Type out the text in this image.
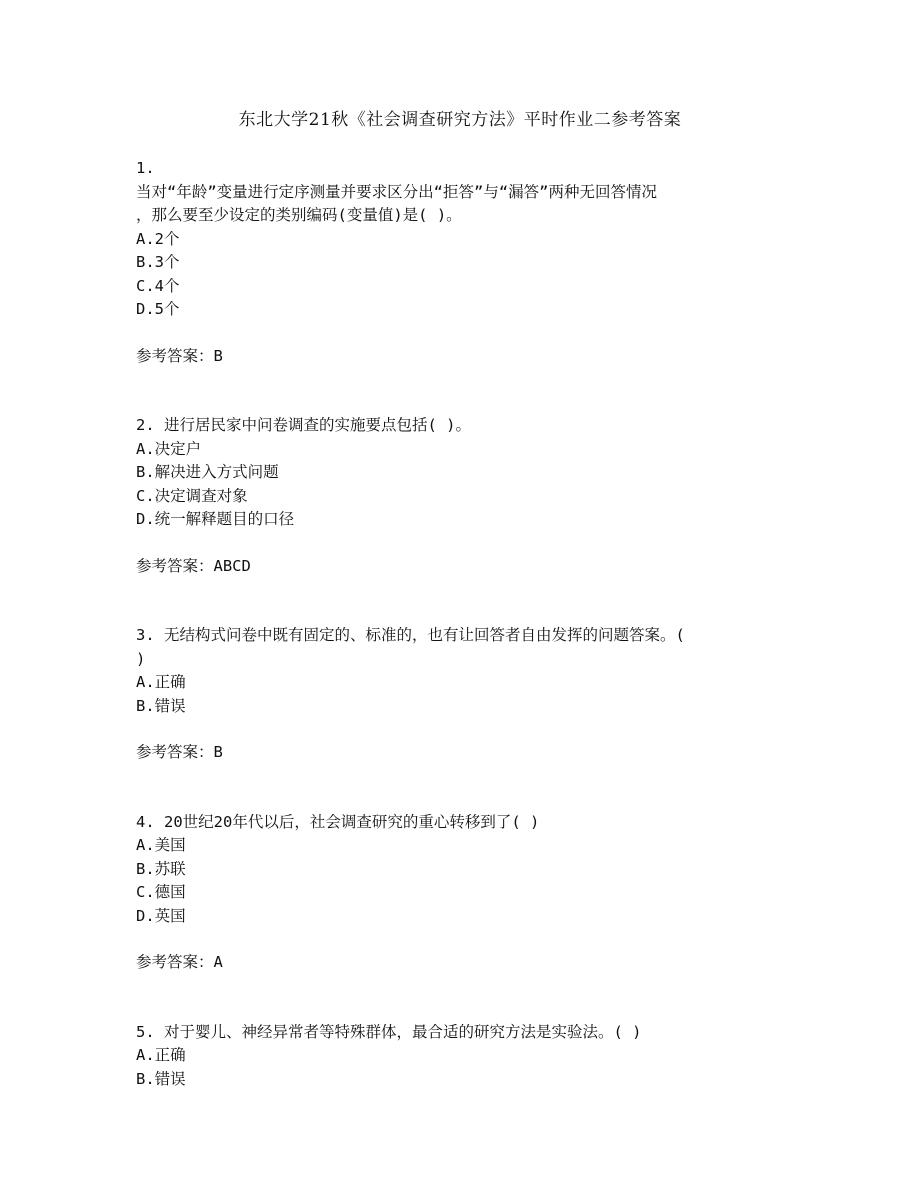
东北大学21秋《社会调查研究方法》平时作业二参考答案
1.
当对“年龄”变量进行定序测量并要求区分出“拒答”与“漏答”两种无回答情况
，那么要至少设定的类别编码(变量值)是( )。
A.2个
B.3个
C.4个
D.5个
参考答案：B
2. 进行居民家中问卷调查的实施要点包括( )。
A.决定户
B.解决进入方式问题
C.决定调查对象
D.统一解释题目的口径
参考答案：ABCD
3. 无结构式问卷中既有固定的、标准的，也有让回答者自由发挥的问题答案。(
)
A.正确
B.错误
参考答案：B
4. 20世纪20年代以后，社会调查研究的重心转移到了( )
A.美国
B.苏联
C.德国
D.英国
参考答案：A
5. 对于婴儿、神经异常者等特殊群体，最合适的研究方法是实验法。( )
A.正确
B.错误
